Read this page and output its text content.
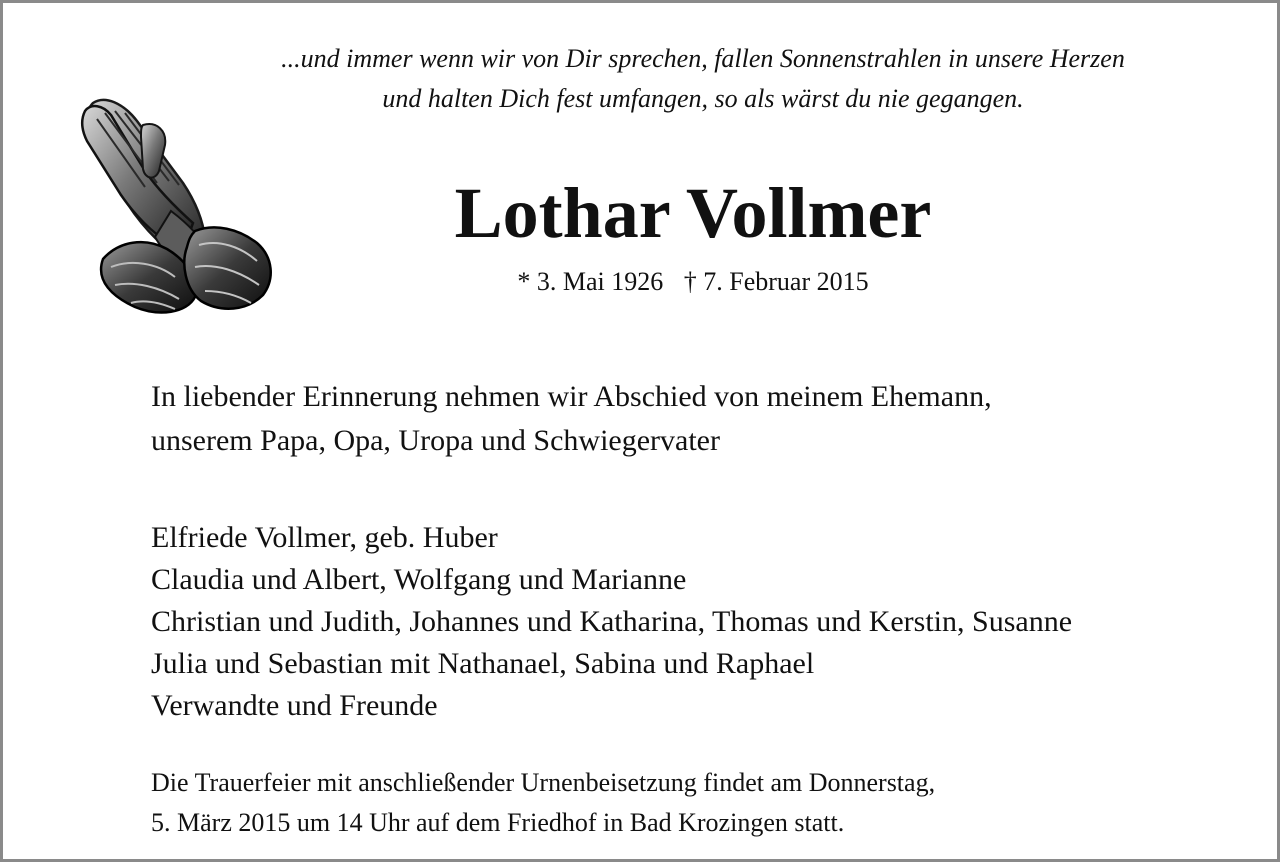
...und immer wenn wir von Dir sprechen, fallen Sonnenstrahlen in unsere Herzen
und halten Dich fest umfangen, so als wärst du nie gegangen.
Lothar Vollmer
* 3. Mai 1926 † 7. Februar 2015
In liebender Erinnerung nehmen wir Abschied von meinem Ehemann,
unserem Papa, Opa, Uropa und Schwiegervater
Elfriede Vollmer, geb. Huber
Claudia und Albert, Wolfgang und Marianne
Christian und Judith, Johannes und Katharina, Thomas und Kerstin, Susanne
Julia und Sebastian mit Nathanael, Sabina und Raphael
Verwandte und Freunde
Die Trauerfeier mit anschließender Urnenbeisetzung findet am Donnerstag,
5. März 2015 um 14 Uhr auf dem Friedhof in Bad Krozingen statt.
